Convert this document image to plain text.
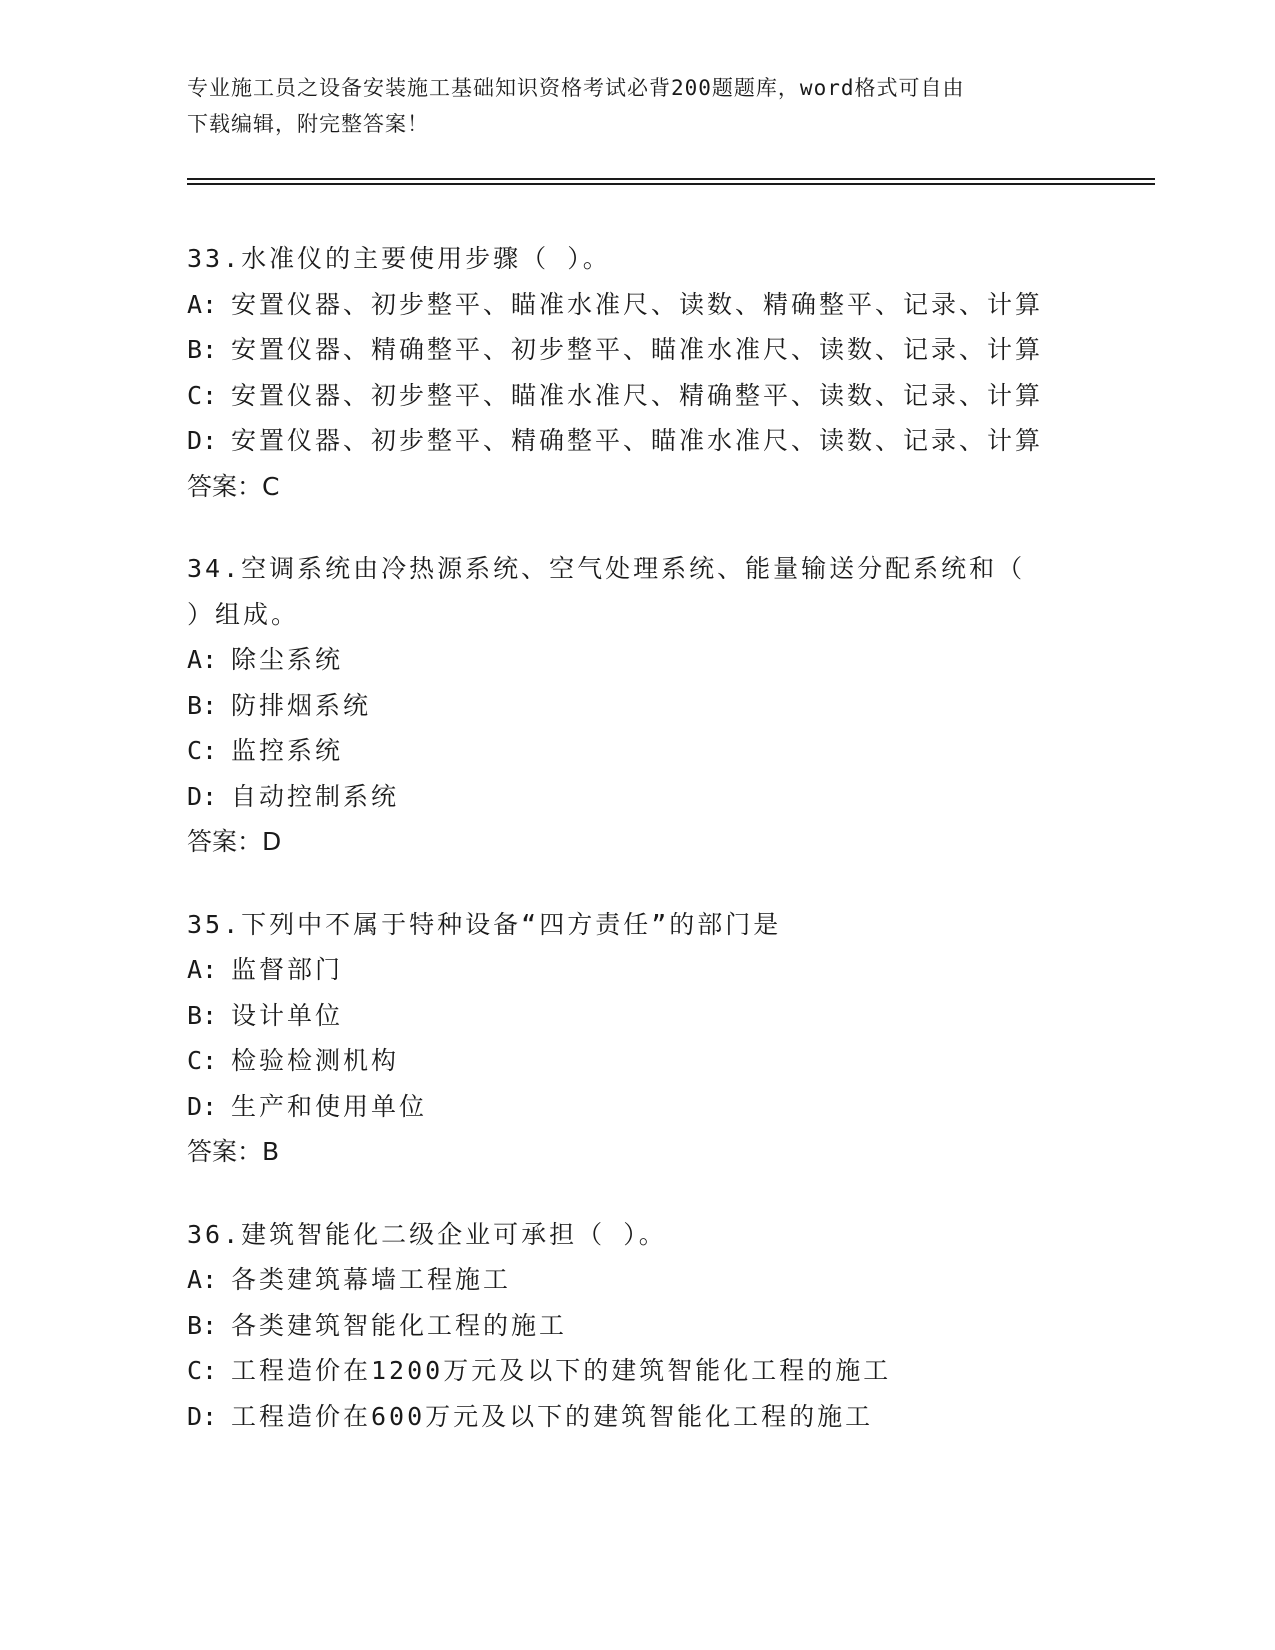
专业施工员之设备安装施工基础知识资格考试必背200题题库，word格式可自由
下载编辑，附完整答案！
33.水准仪的主要使用步骤（ ）。
A: 安置仪器、初步整平、瞄准水准尺、读数、精确整平、记录、计算
B: 安置仪器、精确整平、初步整平、瞄准水准尺、读数、记录、计算
C: 安置仪器、初步整平、瞄准水准尺、精确整平、读数、记录、计算
D: 安置仪器、初步整平、精确整平、瞄准水准尺、读数、记录、计算
答案：C
34.空调系统由冷热源系统、空气处理系统、能量输送分配系统和（
）组成。
A: 除尘系统
B: 防排烟系统
C: 监控系统
D: 自动控制系统
答案：D
35.下列中不属于特种设备“四方责任”的部门是
A: 监督部门
B: 设计单位
C: 检验检测机构
D: 生产和使用单位
答案：B
36.建筑智能化二级企业可承担（ ）。
A: 各类建筑幕墙工程施工
B: 各类建筑智能化工程的施工
C: 工程造价在1200万元及以下的建筑智能化工程的施工
D: 工程造价在600万元及以下的建筑智能化工程的施工
